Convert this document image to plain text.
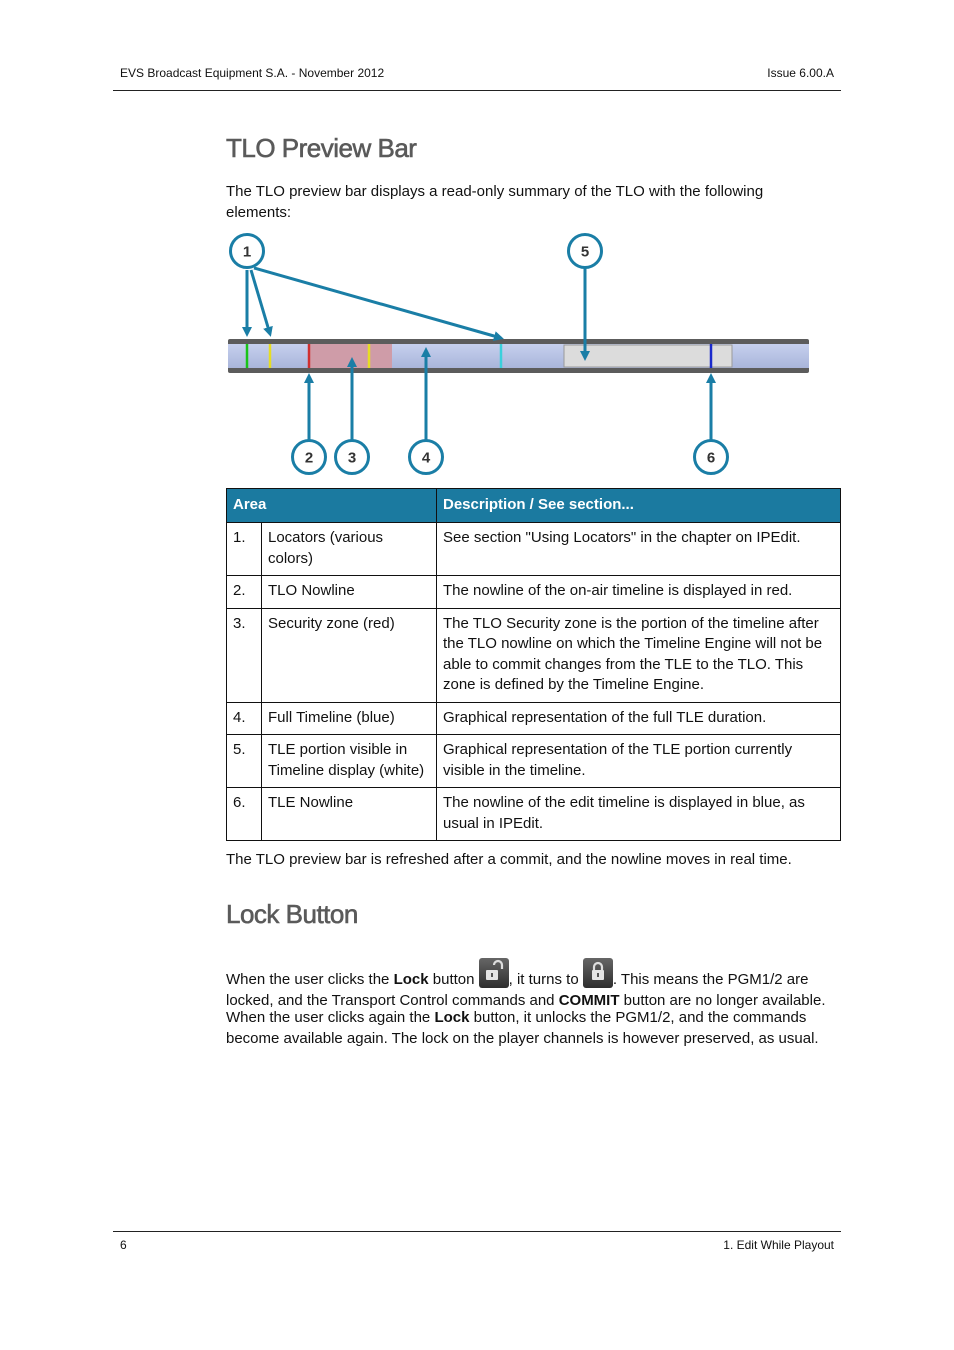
EVS Broadcast Equipment S.A. - November 2012	Issue 6.00.A
TLO Preview Bar

The TLO preview bar displays a read-only summary of the TLO with the following elements:

1	5
2 3	4	6
Area		Description / See section...
1.	Locators (various colors)	See section "Using Locators" in the chapter on IPEdit.
2.	TLO Nowline	The nowline of the on-air timeline is displayed in red.
3.	Security zone (red)	The TLO Security zone is the portion of the timeline after the TLO nowline on which the Timeline Engine will not be able to commit changes from the TLE to the TLO. This zone is defined by the Timeline Engine.
4.	Full Timeline (blue)	Graphical representation of the full TLE duration.
5.	TLE portion visible in Timeline display (white)	Graphical representation of the TLE portion currently visible in the timeline.
6.	TLE Nowline	The nowline of the edit timeline is displayed in blue, as usual in IPEdit.

The TLO preview bar is refreshed after a commit, and the nowline moves in real time.

Lock Button

When the user clicks the Lock button , it turns to . This means the PGM1/2 are locked, and the Transport Control commands and COMMIT button are no longer available.

When the user clicks again the Lock button, it unlocks the PGM1/2, and the commands become available again. The lock on the player channels is however preserved, as usual.

6	1. Edit While Playout
